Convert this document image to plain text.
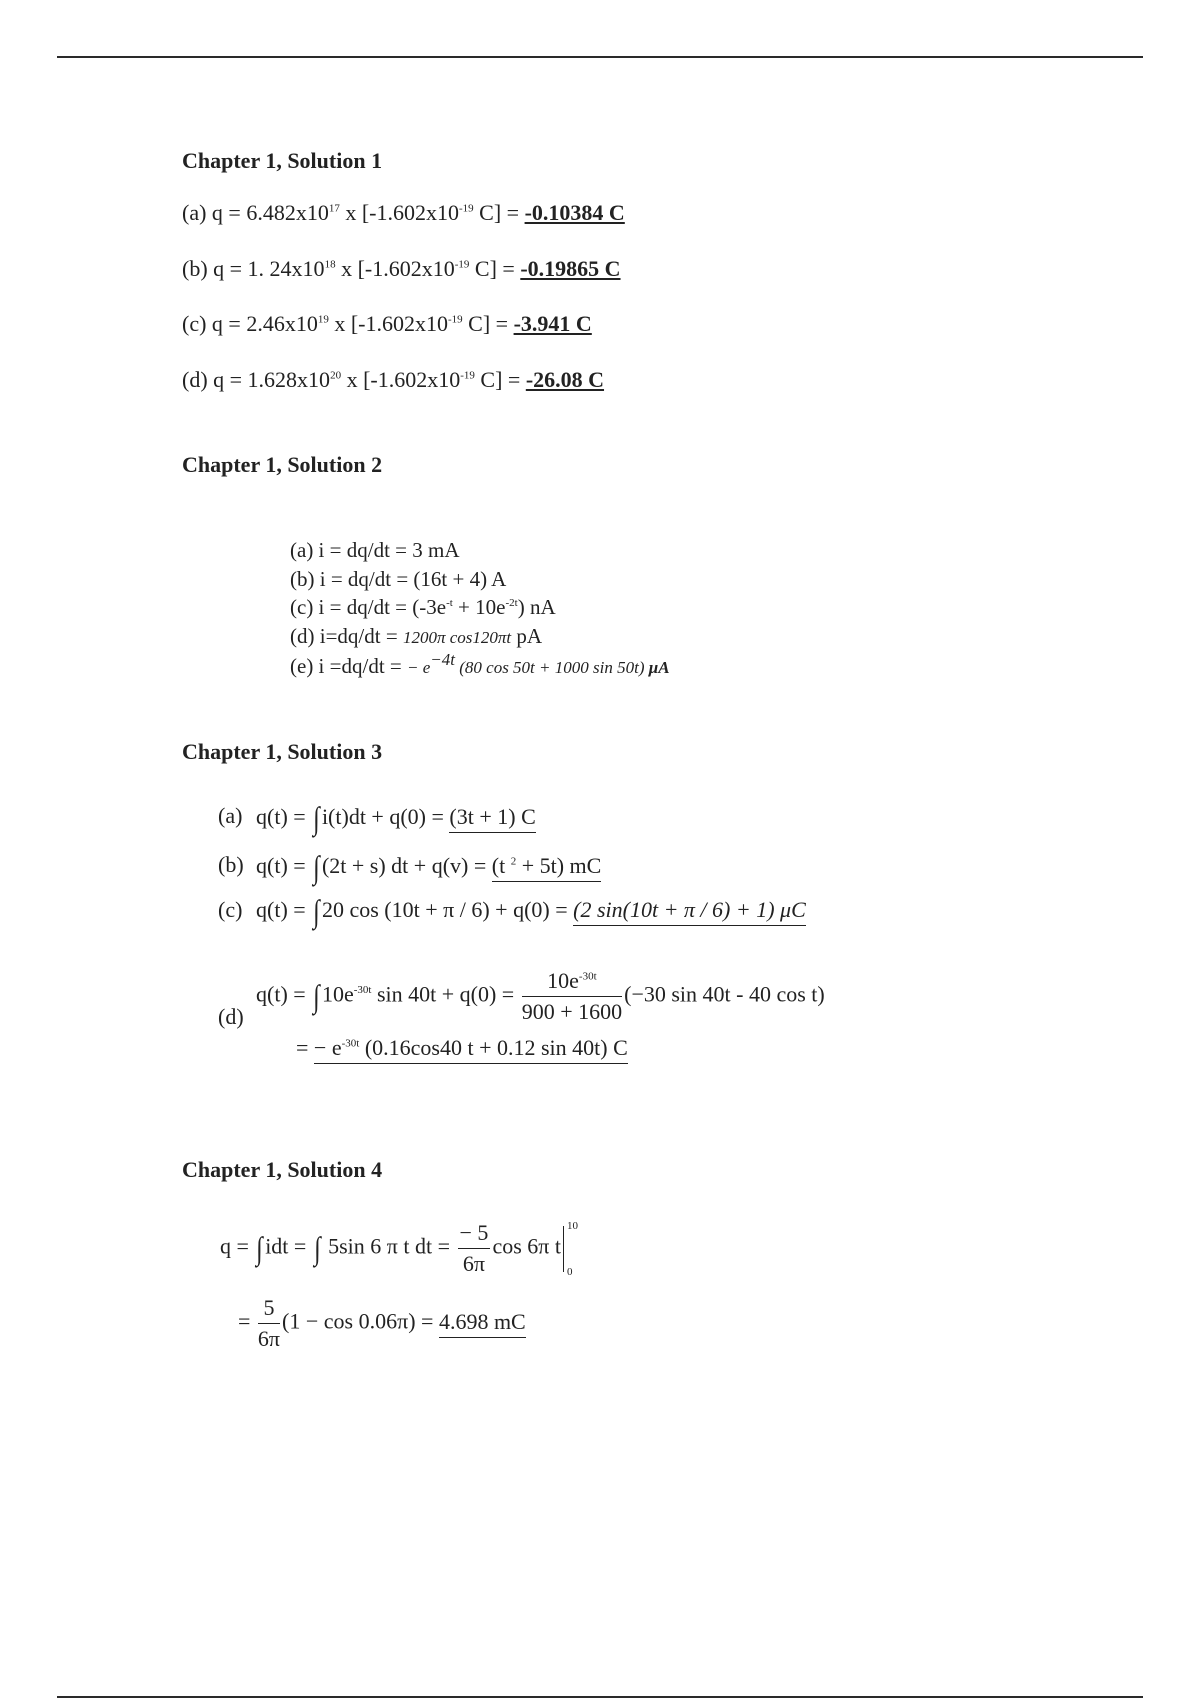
Chapter 1, Solution 1
(a) $q = 6.482x10^{17}$ x [$-1.602x10^{-19}$ C] = -0.10384 C
(b) q = 1. $24x10^{18}$ x [$-1.602x10^{-19}$ C] = -0.19865 C
(c) $q = 2.46x10^{19}$ x [$-1.602x10^{-19}$ C] = -3.941 C
(d) $q = 1.628x10^{20}$ x [$-1.602x10^{-19}$ C] = -26.08 C
Chapter 1, Solution 2
(a) i = dq/dt = 3 mA
(b) i = dq/dt = (16t + 4) A
(c) $i = dq/dt = (-3e^{-t} + 10e^{-2t})$ nA
(d) i=dq/dt = 1200π cos120πt pA
(e) i =dq/dt = − $e^{-4t}$ (80 cos 50t + 1000 sin 50t) μA
Chapter 1, Solution 3
(a) q(t) = ∫i(t)dt + q(0) = (3t + 1) C
(b) q(t) = ∫(2t + s) dt + q(v) = (t $^2$ + 5t) mC
(c) q(t) = ∫20 cos (10t + π / 6) + q(0) = (2 sin(10t + π / 6) + 1) μC
(d)
$q(t) = \int 10e^{-30t}$ $\sin 40t + q(0) = \frac{10e^{-30t}}{900 + 1600} (-30$ sin 40t - 40 cos t)
= − $e^{-30t}$ (0.16cos40 t + 0.12 sin 40t) C
Chapter 1, Solution 4
q = ∫idt = ∫ 5sin 6 π t dt = $\frac{- 5}{6\pi}$ cos 6π t
10
0
= $\frac{5}{6\pi} (1 - \cos 0.06\pi) = 4.698$ mC
